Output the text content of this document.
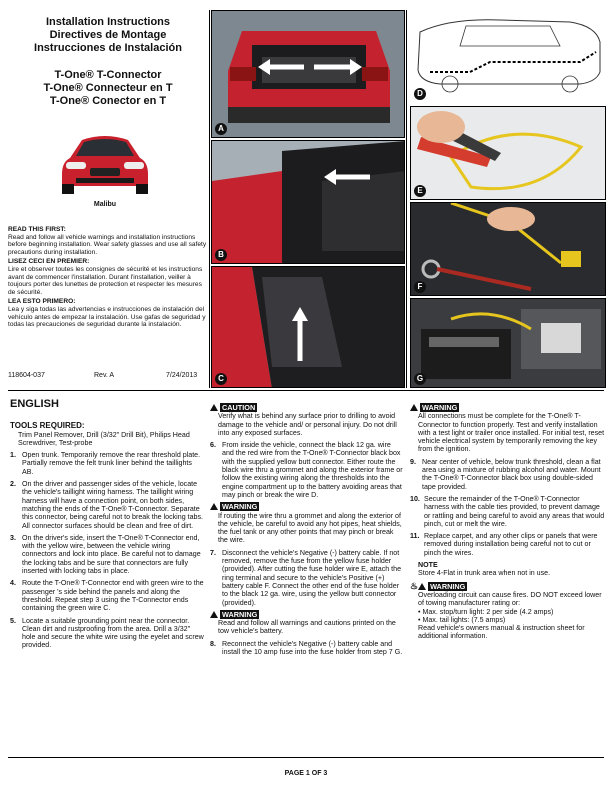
Installation Instructions
Directives de Montage
Instrucciones de Instalación
T-One® T-Connector
T-One® Connecteur en T
T-One® Conector en T
Malibu
READ THIS FIRST:
Read and follow all vehicle warnings and installation instructions before beginning installation. Wear safety glasses and use all safety precautions during installation.
LISEZ CECI EN PREMIER:
Lire et observer toutes les consignes de sécurité et les instructions avant de commencer l'installation. Durant l'installation, veiller à toujours porter des lunettes de protection et respecter les mesures de sécurité.
LEA ESTO PRIMERO:
Lea y siga todas las advertencias e instrucciones de instalación del vehículo antes de empezar la instalación. Use gafas de seguridad y todas las precauciones de seguridad durante la instalación.
118604-037	Rev. A	7/24/2013
A
B
C
D
E
F
G
ENGLISH
TOOLS REQUIRED:
Trim Panel Remover, Drill (3/32" Drill Bit), Philips Head Screwdriver, Test-probe
1. Open trunk. Temporarily remove the rear threshold plate. Partially remove the felt trunk liner behind the taillights AB.
2. On the driver and passenger sides of the vehicle, locate the vehicle's taillight wiring harness. The taillight wiring harness will have a connection point, on both sides, matching the ends of the T-One® T-Connector. Separate this connector, being careful not to break the locking tabs. All connector surfaces should be clean and free of dirt.
3. On the driver's side, insert the T-One® T-Connector end, with the yellow wire, between the vehicle wiring connectors and lock into place. Be careful not to damage the locking tabs and be sure that connectors are fully inserted with locking tabs in place.
4. Route the T-One® T-Connector end with green wire to the passenger 's side behind the panels and along the threshold. Repeat step 3 using the T-Connector ends containing the green wire C.
5. Locate a suitable grounding point near the connector. Clean dirt and rustproofing from the area. Drill a 3/32" hole and secure the white wire using the eyelet and screw provided.
CAUTION
Verify what is behind any surface prior to drilling to avoid damage to the vehicle and/ or personal injury. Do not drill into any exposed surfaces.
6. From inside the vehicle, connect the black 12 ga. wire and the red wire from the T-One® T-Connector black box with the supplied yellow butt connector. Either route the black wire thru a grommet and along the exterior frame or follow the existing wiring along the thresholds into the engine compartment up to the battery avoiding areas that may pinch or break the wire D.
WARNING
If routing the wire thru a grommet and along the exterior of the vehicle, be careful to avoid any hot pipes, heat shields, the fuel tank or any other points that may pinch or break the wire.
7. Disconnect the vehicle's Negative (-) battery cable. If not removed, remove the fuse from the yellow fuse holder (provided). After cutting the fuse holder wire E, attach the ring terminal and secure to the vehicle's Positive (+) battery cable F. Connect the other end of the fuse holder to the black 12 ga. wire, using the yellow butt connector (provided).
WARNING
Read and follow all warnings and cautions printed on the tow vehicle's battery.
8. Reconnect the vehicle's Negative (-) battery cable and install the 10 amp fuse into the fuse holder from step 7 G.
WARNING
All connections must be complete for the T-One® T-Connector to function properly. Test and verify installation with a test light or trailer once installed. For initial test, reset vehicle electrical system by temporarily removing the key from the ignition.
9. Near center of vehicle, below trunk threshold, clean a flat area using a mixture of rubbing alcohol and water. Mount the T-One® T-Connector black box using double-sided tape provided.
10. Secure the remainder of the T-One® T-Connector harness with the cable ties provided, to prevent damage or rattling and being careful to avoid any areas that would pinch, cut or melt the wire.
11. Replace carpet, and any other clips or panels that were removed during installation being careful not to cut or pinch the wires.
NOTE
Store 4-Flat in trunk area when not in use.
♨ WARNING
Overloading circuit can cause fires. DO NOT exceed lower of towing manufacturer rating or:
• Max. stop/turn light: 2 per side (4.2 amps)
• Max. tail lights: (7.5 amps)
Read vehicle's owners manual & instruction sheet for additional information.
PAGE 1 OF 3
